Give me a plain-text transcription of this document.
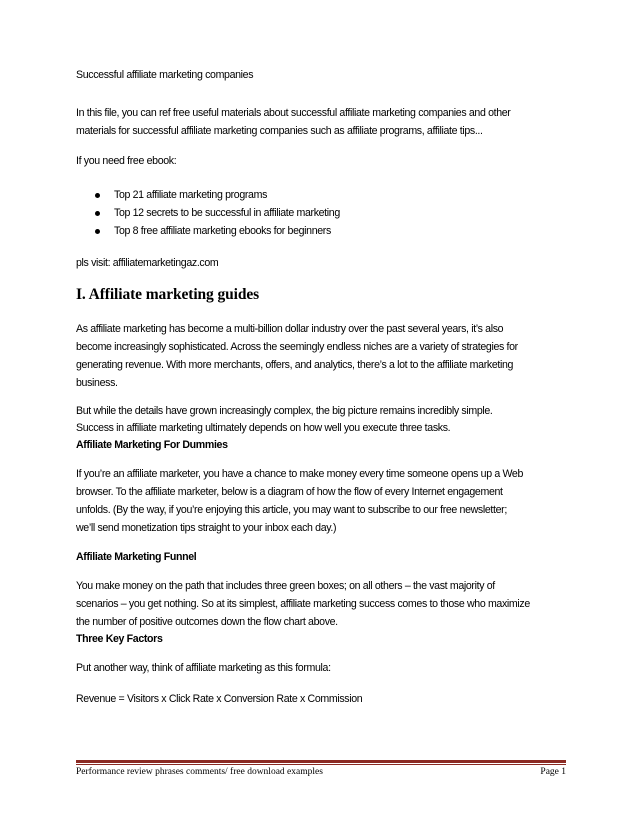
Successful affiliate marketing companies

In this file, you can ref free useful materials about successful affiliate marketing companies and other

materials for successful affiliate marketing companies such as affiliate programs, affiliate tips...

If you need free ebook:

Top 21 affiliate marketing programs
Top 12 secrets to be successful in affiliate marketing
Top 8 free affiliate marketing ebooks for beginners

pls visit: affiliatemarketingaz.com

I. Affiliate marketing guides

As affiliate marketing has become a multi-billion dollar industry over the past several years, it’s also

become increasingly sophisticated. Across the seemingly endless niches are a variety of strategies for

generating revenue. With more merchants, offers, and analytics, there’s a lot to the affiliate marketing

business.

But while the details have grown increasingly complex, the big picture remains incredibly simple.

Success in affiliate marketing ultimately depends on how well you execute three tasks.

Affiliate Marketing For Dummies

If you’re an affiliate marketer, you have a chance to make money every time someone opens up a Web

browser. To the affiliate marketer, below is a diagram of how the flow of every Internet engagement

unfolds. (By the way, if you’re enjoying this article, you may want to subscribe to our free newsletter;

we’ll send monetization tips straight to your inbox each day.)

Affiliate Marketing Funnel

You make money on the path that includes three green boxes; on all others – the vast majority of

scenarios – you get nothing. So at its simplest, affiliate marketing success comes to those who maximize

the number of positive outcomes down the flow chart above.

Three Key Factors

Put another way, think of affiliate marketing as this formula:

Revenue = Visitors x Click Rate x Conversion Rate x Commission

Performance review phrases comments/ free download examples	Page 1
